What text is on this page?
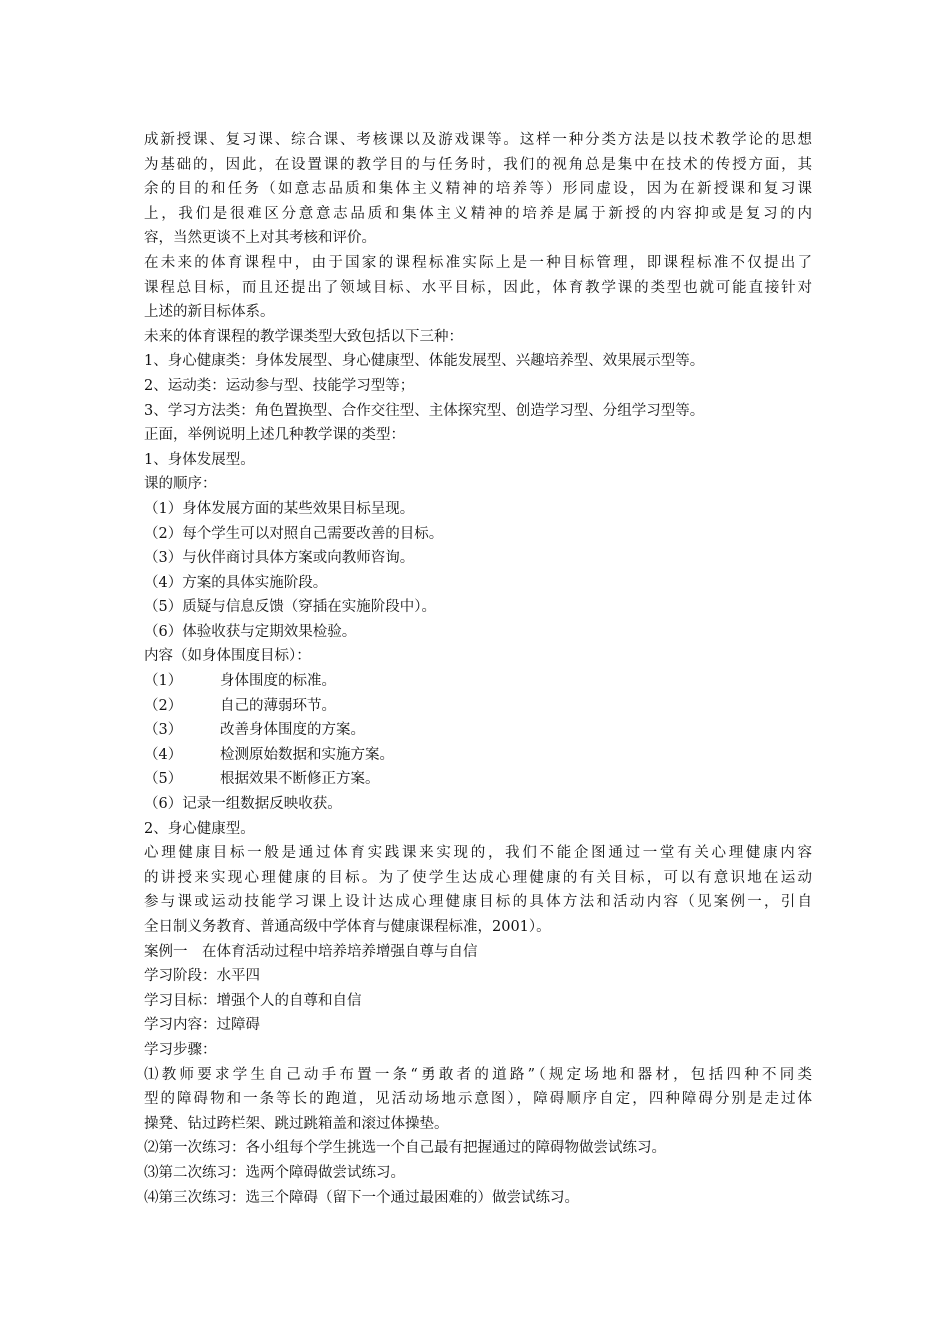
成新授课、复习课、综合课、考核课以及游戏课等。这样一种分类方法是以技术教学论的思想
为基础的，因此，在设置课的教学目的与任务时，我们的视角总是集中在技术的传授方面，其
余的目的和任务（如意志品质和集体主义精神的培养等）形同虚设，因为在新授课和复习课
上，我们是很难区分意意志品质和集体主义精神的培养是属于新授的内容抑或是复习的内
容，当然更谈不上对其考核和评价。
在未来的体育课程中，由于国家的课程标准实际上是一种目标管理，即课程标准不仅提出了
课程总目标，而且还提出了领域目标、水平目标，因此，体育教学课的类型也就可能直接针对
上述的新目标体系。
未来的体育课程的教学课类型大致包括以下三种：
1、身心健康类：身体发展型、身心健康型、体能发展型、兴趣培养型、效果展示型等。
2、运动类：运动参与型、技能学习型等；
3、学习方法类：角色置换型、合作交往型、主体探究型、创造学习型、分组学习型等。
正面，举例说明上述几种教学课的类型：
1、身体发展型。
课的顺序：
（1）身体发展方面的某些效果目标呈现。
（2）每个学生可以对照自己需要改善的目标。
（3）与伙伴商讨具体方案或向教师咨询。
（4）方案的具体实施阶段。
（5）质疑与信息反馈（穿插在实施阶段中）。
（6）体验收获与定期效果检验。
内容（如身体围度目标）：
（1）	身体围度的标准。
（2）	自己的薄弱环节。
（3）	改善身体围度的方案。
（4）	检测原始数据和实施方案。
（5）	根据效果不断修正方案。
（6）记录一组数据反映收获。
2、身心健康型。
心理健康目标一般是通过体育实践课来实现的，我们不能企图通过一堂有关心理健康内容
的讲授来实现心理健康的目标。为了使学生达成心理健康的有关目标，可以有意识地在运动
参与课或运动技能学习课上设计达成心理健康目标的具体方法和活动内容（见案例一，引自
全日制义务教育、普通高级中学体育与健康课程标准，2001）。
案例一　在体育活动过程中培养培养增强自尊与自信
学习阶段：水平四
学习目标：增强个人的自尊和自信
学习内容：过障碍
学习步骤：
⑴教师要求学生自己动手布置一条“勇敢者的道路”（规定场地和器材，包括四种不同类
型的障碍物和一条等长的跑道，见活动场地示意图），障碍顺序自定，四种障碍分别是走过体
操凳、钻过跨栏架、跳过跳箱盖和滚过体操垫。
⑵第一次练习：各小组每个学生挑选一个自己最有把握通过的障碍物做尝试练习。
⑶第二次练习：选两个障碍做尝试练习。
⑷第三次练习：选三个障碍（留下一个通过最困难的）做尝试练习。
